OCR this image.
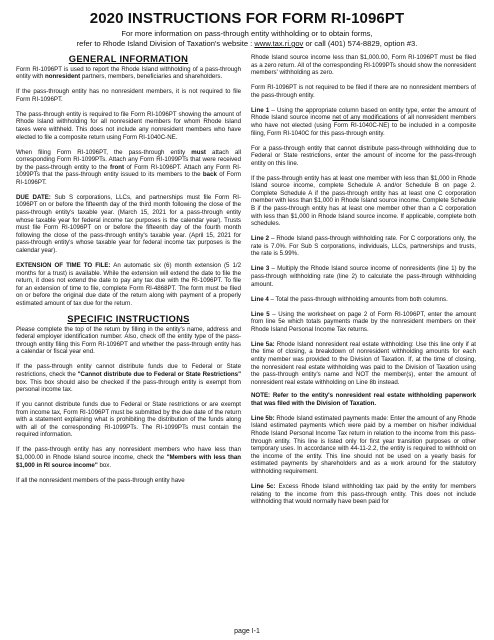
2020 INSTRUCTIONS FOR FORM RI-1096PT
For more information on pass-through entity withholding or to obtain forms,
refer to Rhode Island Division of Taxation's website : www.tax.ri.gov or call (401) 574-8829, option #3.
GENERAL INFORMATION

Form RI-1096PT is used to report the Rhode Island withholding of a pass-through entity with nonresident partners, members, beneficiaries and shareholders.

If the pass-through entity has no nonresident members, it is not required to file Form RI-1096PT.

The pass-through entity is required to file Form RI-1096PT showing the amount of Rhode Island withholding for all nonresident members for whom Rhode Island taxes were withheld. This does not include any nonresident members who have elected to file a composite return using Form RI-1040C-NE.

When filing Form RI-1096PT, the pass-through entity must attach all corresponding Form RI-1099PTs. Attach any Form RI-1099PTs that were received by the pass-through entity to the front of Form RI-1096PT. Attach any Form RI-1099PTs that the pass-through entity issued to its members to the back of Form RI-1096PT.

DUE DATE: Sub S corporations, LLCs, and partnerships must file Form RI-1096PT on or before the fifteenth day of the third month following the close of the pass-through entity's taxable year. (March 15, 2021 for a pass-through entity whose taxable year for federal income tax purposes is the calendar year). Trusts must file Form RI-1096PT on or before the fifteenth day of the fourth month following the close of the pass-through entity's taxable year. (April 15, 2021 for pass-through entity's whose taxable year for federal income tax purposes is the calendar year).

EXTENSION OF TIME TO FILE: An automatic six (6) month extension (5 1/2 months for a trust) is available. While the extension will extend the date to file the return, it does not extend the date to pay any tax due with the RI-1096PT. To file for an extension of time to file, complete Form RI-4868PT. The form must be filed on or before the original due date of the return along with payment of a properly estimated amount of tax due for the return.

SPECIFIC INSTRUCTIONS

Please complete the top of the return by filling in the entity's name, address and federal employer identification number. Also, check off the entity type of the pass-through entity filing this Form RI-1096PT and whether the pass-through entity has a calendar or fiscal year end.

If the pass-through entity cannot distribute funds due to Federal or State restrictions, check the "Cannot distribute due to Federal or State Restrictions" box. This box should also be checked if the pass-through entity is exempt from personal income tax.

If you cannot distribute funds due to Federal or State restrictions or are exempt from income tax, Form RI-1096PT must be submitted by the due date of the return with a statement explaining what is prohibiting the distribution of the funds along with all of the corresponding RI-1099PTs. The RI-1099PTs must contain the required information.

If the pass-through entity has any nonresident members who have less than $1,000.00 in Rhode Island source income, check the "Members with less than $1,000 in RI source income" box.

If all the nonresident members of the pass-through entity have

Rhode Island source income less than $1,000.00, Form RI-1096PT must be filed as a zero return. All of the corresponding RI-1099PTs should show the nonresident members' withholding as zero.

Form RI-1096PT is not required to be filed if there are no nonresident members of the pass-through entity.

Line 1 – Using the appropriate column based on entity type, enter the amount of Rhode Island source income net of any modifications of all nonresident members who have not elected (using Form RI-1040C-NE) to be included in a composite filing, Form RI-1040C for this pass-through entity.

For a pass-through entity that cannot distribute pass-through withholding due to Federal or State restrictions, enter the amount of income for the pass-through entity on this line.

If the pass-through entity has at least one member with less than $1,000 in Rhode Island source income, complete Schedule A and/or Schedule B on page 2. Complete Schedule A if the pass-through entity has at least one C corporation member with less than $1,000 in Rhode Island source income. Complete Schedule B if the pass-through entity has at least one member other than a C corporation with less than $1,000 in Rhode Island source income. If applicable, complete both schedules.

Line 2 – Rhode Island pass-through withholding rate. For C corporations only, the rate is 7.0%. For Sub S corporations, individuals, LLCs, partnerships and trusts, the rate is 5.99%.

Line 3 – Multiply the Rhode Island source income of nonresidents (line 1) by the pass-through withholding rate (line 2) to calculate the pass-through withholding amount.

Line 4 – Total the pass-through withholding amounts from both columns.

Line 5 – Using the worksheet on page 2 of Form RI-1096PT, enter the amount from line 5e which totals payments made by the nonresident members on their Rhode Island Personal Income Tax returns.

Line 5a: Rhode Island nonresident real estate withholding: Use this line only if at the time of closing, a breakdown of nonresident withholding amounts for each entity member was provided to the Division of Taxation. If, at the time of closing, the nonresident real estate withholding was paid to the Division of Taxation using the pass-through entity's name and NOT the member(s), enter the amount of nonresident real estate withholding on Line 8b instead.

NOTE: Refer to the entity's nonresident real estate withholding paperwork that was filed with the Division of Taxation.

Line 5b: Rhode Island estimated payments made: Enter the amount of any Rhode Island estimated payments which were paid by a member on his/her individual Rhode Island Personal Income Tax return in relation to the income from this pass-through entity. This line is listed only for first year transition purposes or other temporary uses. In accordance with 44-11-2.2, the entity is required to withhold on the income of the entity. This line should not be used on a yearly basis for estimated payments by shareholders and as a work around for the statutory withholding requirement.

Line 5c: Excess Rhode Island withholding tax paid by the entity for members relating to the income from this pass-through entity. This does not include withholding that would normally have been paid for

page I-1
